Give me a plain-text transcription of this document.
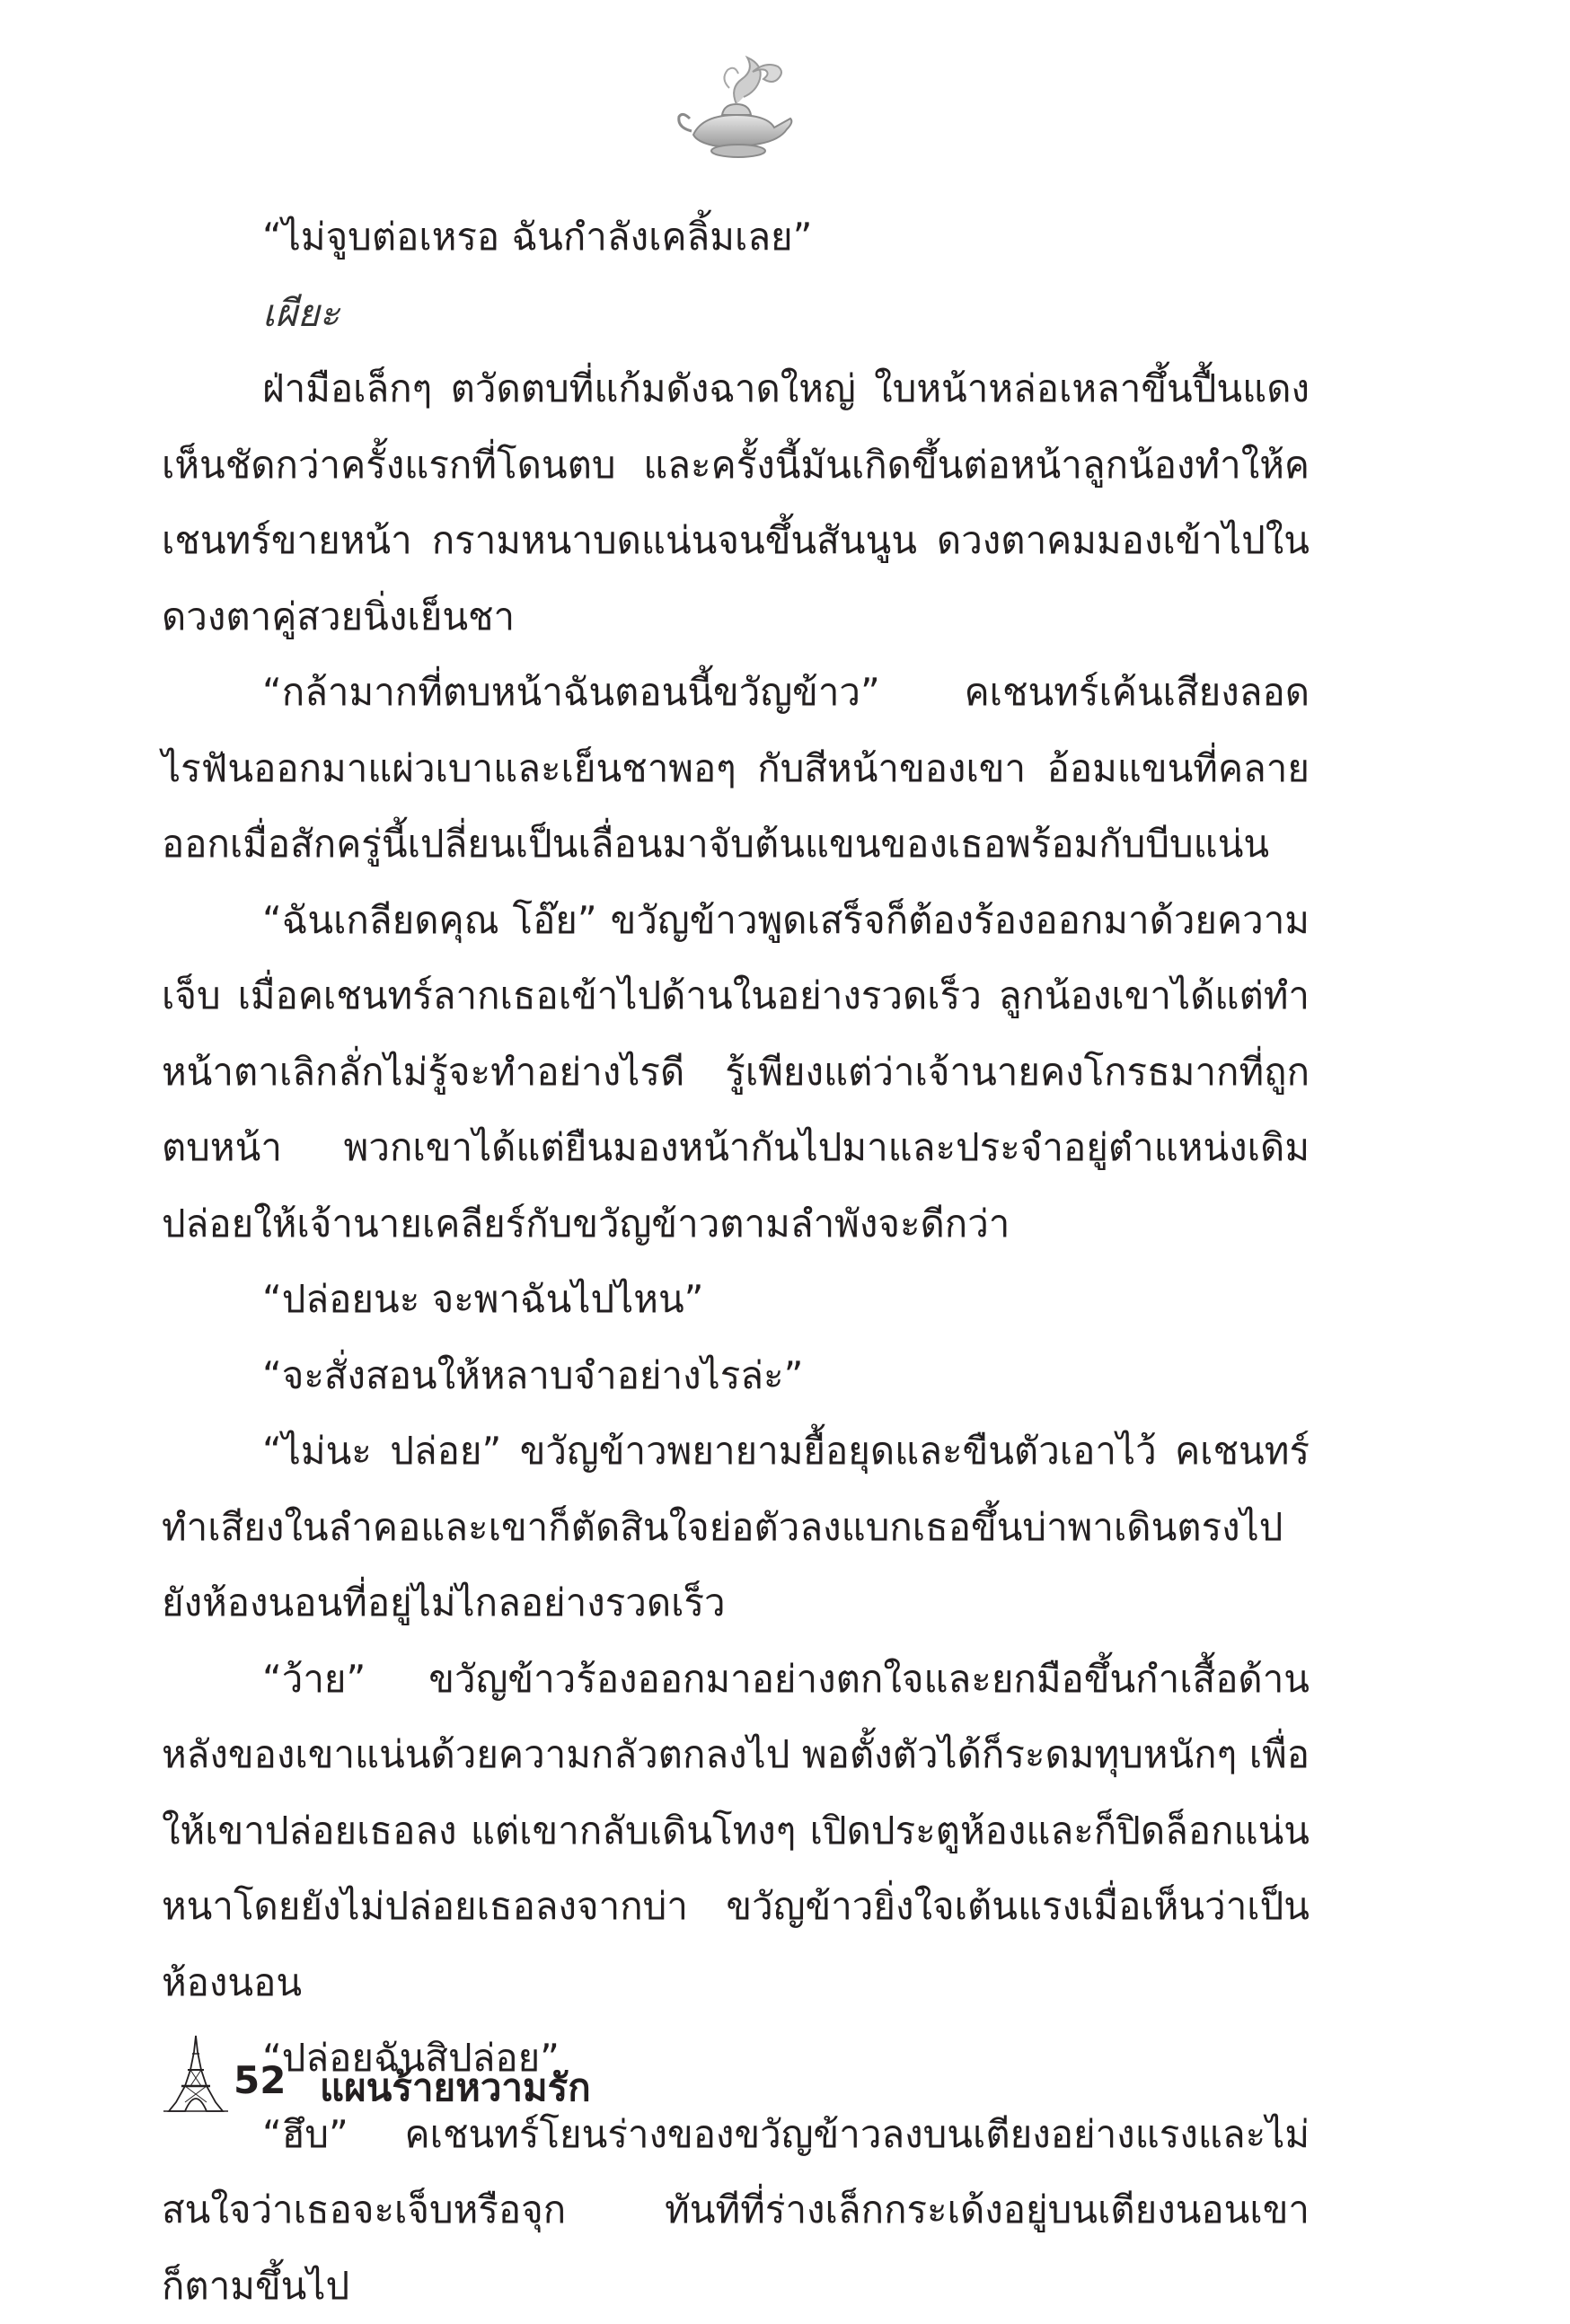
“ไม่จูบต่อเหรอ ฉันกำลังเคลิ้มเลย”

เผียะ

ฝ่ามือเล็กๆ ตวัดตบที่แก้มดังฉาดใหญ่ ใบหน้าหล่อเหลาขึ้นปื้นแดงเห็นชัดกว่าครั้งแรกที่โดนตบ และครั้งนี้มันเกิดขึ้นต่อหน้าลูกน้องทำให้คเชนทร์ขายหน้า กรามหนาบดแน่นจนขึ้นสันนูน ดวงตาคมมองเข้าไปในดวงตาคู่สวยนิ่งเย็นชา

“กล้ามากที่ตบหน้าฉันตอนนี้ขวัญข้าว” คเชนทร์เค้นเสียงลอดไรฟันออกมาแผ่วเบาและเย็นชาพอๆ กับสีหน้าของเขา อ้อมแขนที่คลายออกเมื่อสักครู่นี้เปลี่ยนเป็นเลื่อนมาจับต้นแขนของเธอพร้อมกับบีบแน่น

“ฉันเกลียดคุณ โอ๊ย” ขวัญข้าวพูดเสร็จก็ต้องร้องออกมาด้วยความเจ็บ เมื่อคเชนทร์ลากเธอเข้าไปด้านในอย่างรวดเร็ว ลูกน้องเขาได้แต่ทำหน้าตาเลิกลั่กไม่รู้จะทำอย่างไรดี รู้เพียงแต่ว่าเจ้านายคงโกรธมากที่ถูกตบหน้า พวกเขาได้แต่ยืนมองหน้ากันไปมาและประจำอยู่ตำแหน่งเดิมปล่อยให้เจ้านายเคลียร์กับขวัญข้าวตามลำพังจะดีกว่า

“ปล่อยนะ จะพาฉันไปไหน”

“จะสั่งสอนให้หลาบจำอย่างไรล่ะ”

“ไม่นะ ปล่อย” ขวัญข้าวพยายามยื้อยุดและขืนตัวเอาไว้ คเชนทร์ทำเสียงในลำคอและเขาก็ตัดสินใจย่อตัวลงแบกเธอขึ้นบ่าพาเดินตรงไปยังห้องนอนที่อยู่ไม่ไกลอย่างรวดเร็ว

“ว้าย” ขวัญข้าวร้องออกมาอย่างตกใจและยกมือขึ้นกำเสื้อด้านหลังของเขาแน่นด้วยความกลัวตกลงไป พอตั้งตัวได้ก็ระดมทุบหนักๆ เพื่อให้เขาปล่อยเธอลง แต่เขากลับเดินโทงๆ เปิดประตูห้องและก็ปิดล็อกแน่นหนาโดยยังไม่ปล่อยเธอลงจากบ่า ขวัญข้าวยิ่งใจเต้นแรงเมื่อเห็นว่าเป็นห้องนอน

“ปล่อยฉันสิปล่อย”

“ฮึบ” คเชนทร์โยนร่างของขวัญข้าวลงบนเตียงอย่างแรงและไม่สนใจว่าเธอจะเจ็บหรือจุก ทันทีที่ร่างเล็กกระเด้งอยู่บนเตียงนอนเขาก็ตามขึ้นไป

52 แผนร้ายหวามรัก
